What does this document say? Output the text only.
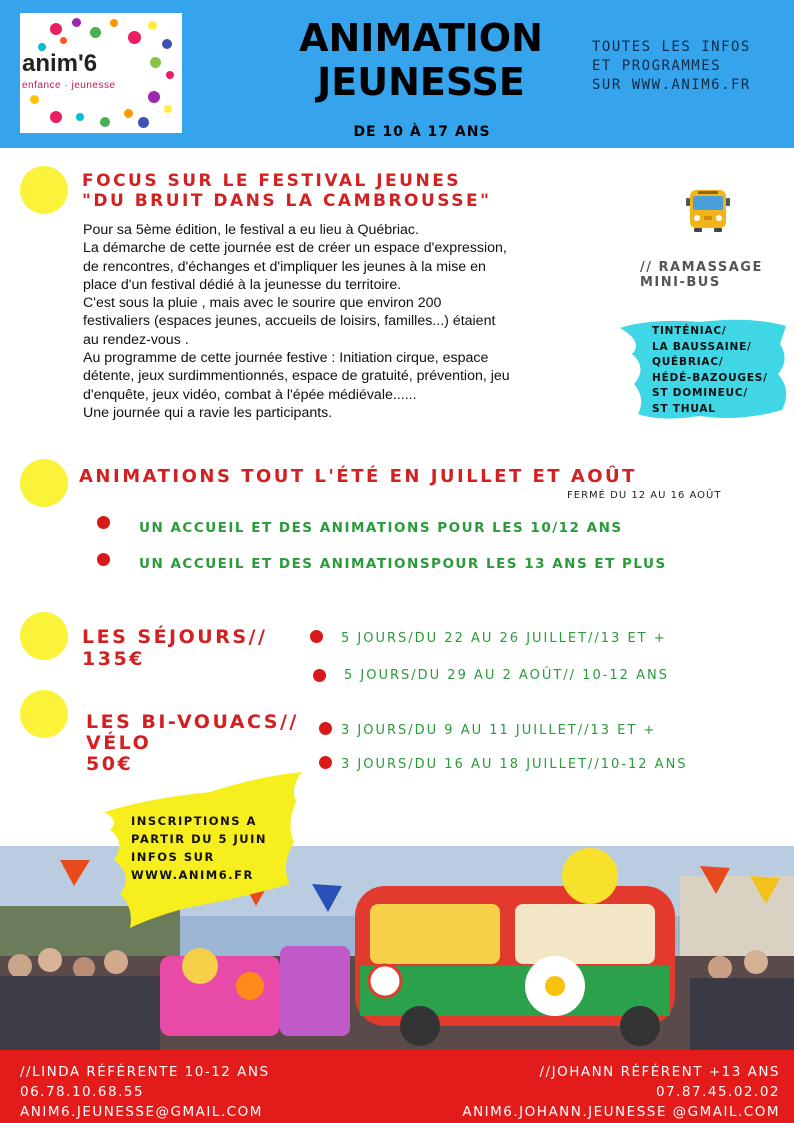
anim'6
enfance · jeunesse
ANIMATION
JEUNESSE
TOUTES LES INFOS
ET PROGRAMMES
SUR WWW.ANIM6.FR
DE 10 À 17 ANS
FOCUS SUR LE FESTIVAL JEUNES
"DU BRUIT DANS LA CAMBROUSSE"
Pour sa 5ème édition, le festival a eu lieu à Québriac.
La démarche de cette journée est de créer un espace d'expression,
de rencontres, d'échanges et d'impliquer les jeunes à la mise en
place d'un festival dédié à la jeunesse du territoire.
C'est sous la pluie , mais avec le sourire que environ 200
festivaliers (espaces jeunes, accueils de loisirs, familles...) étaient
au rendez-vous .
Au programme de cette journée festive : Initiation cirque, espace
détente, jeux surdimmentionnés, espace de gratuité, prévention, jeu
d'enquête, jeux vidéo, combat à l'épée médiévale......
Une journée qui a ravie les participants.
// RAMASSAGE
MINI-BUS
TINTÉNIAC/
LA BAUSSAINE/
QUÉBRIAC/
HÉDÉ-BAZOUGES/
ST DOMINEUC/
ST THUAL
ANIMATIONS TOUT L'ÉTÉ EN JUILLET ET AOÛT
FERMÉ DU 12 AU 16 AOÛT
UN ACCUEIL ET DES ANIMATIONS POUR LES 10/12 ANS
UN ACCUEIL ET DES ANIMATIONSPOUR LES 13 ANS ET PLUS
LES SÉJOURS//
135€
5 JOURS/DU 22 AU 26 JUILLET//13 ET +
5 JOURS/DU 29 AU 2 AOÛT// 10-12 ANS
LES BI-VOUACS//
VÉLO
50€
3 JOURS/DU 9 AU 11 JUILLET//13 ET +
3 JOURS/DU 16 AU 18 JUILLET//10-12 ANS
INSCRIPTIONS A
PARTIR DU 5 JUIN
INFOS SUR
WWW.ANIM6.FR
//LINDA RÉFÉRENTE 10-12 ANS
06.78.10.68.55
ANIM6.JEUNESSE@GMAIL.COM
//JOHANN RÉFÉRENT +13 ANS
07.87.45.02.02
ANIM6.JOHANN.JEUNESSE @GMAIL.COM
